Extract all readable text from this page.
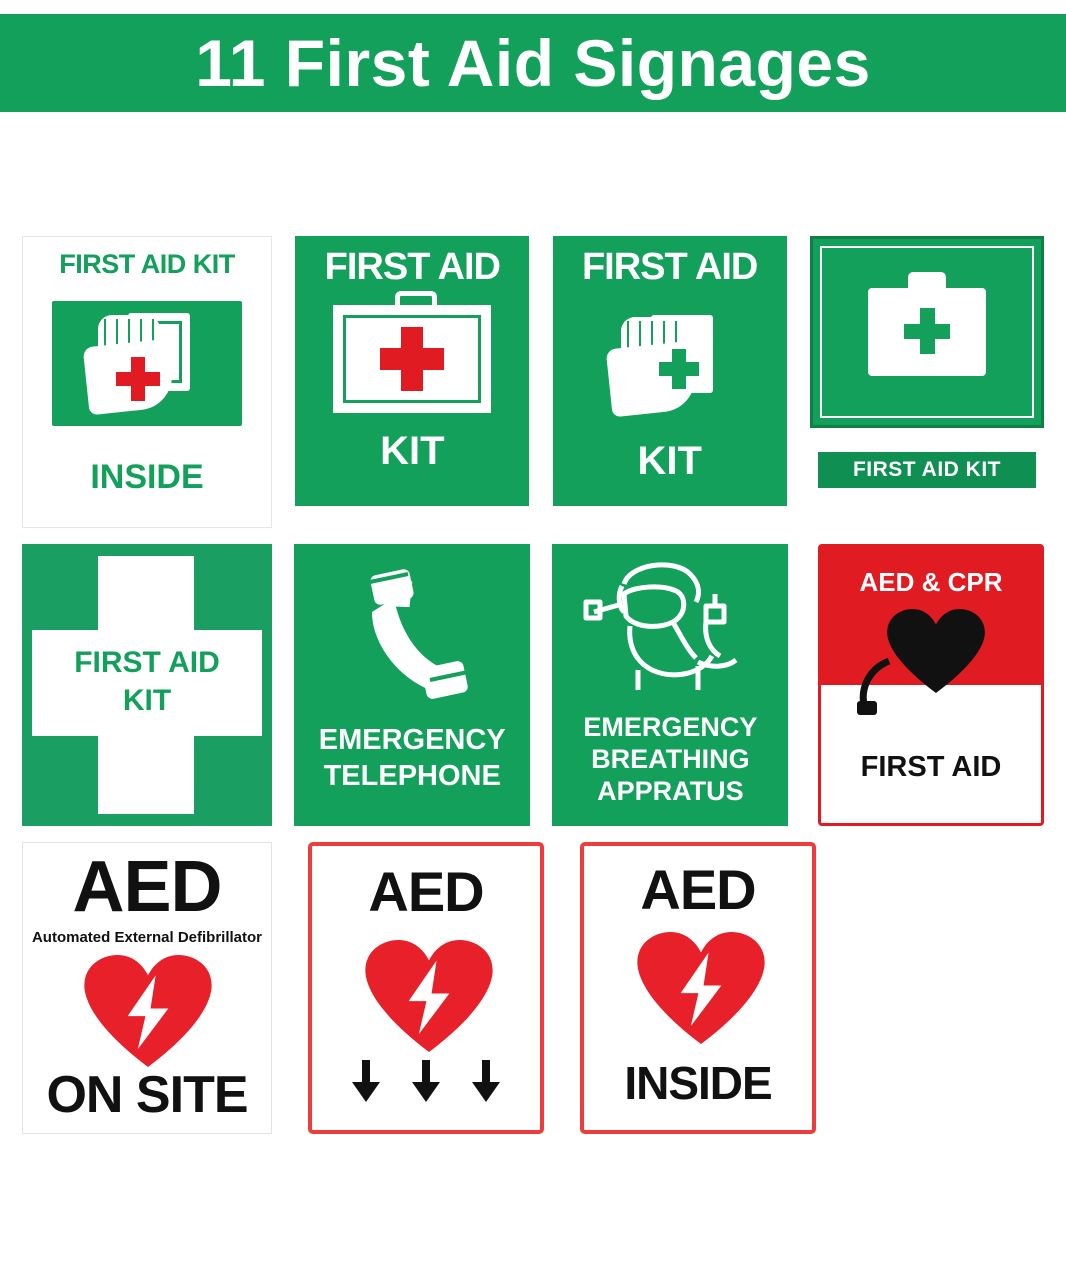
11 First Aid Signages
FIRST AID KIT
INSIDE
FIRST AID
KIT
FIRST AID
KIT	FIRST AID KIT
FIRST AID
KIT
EMERGENCY
TELEPHONE
EMERGENCY
BREATHING
APPRATUS
AED & CPR
FIRST AID
AED
Automated External Defibrillator
ON SITE
AED	AED
INSIDE
